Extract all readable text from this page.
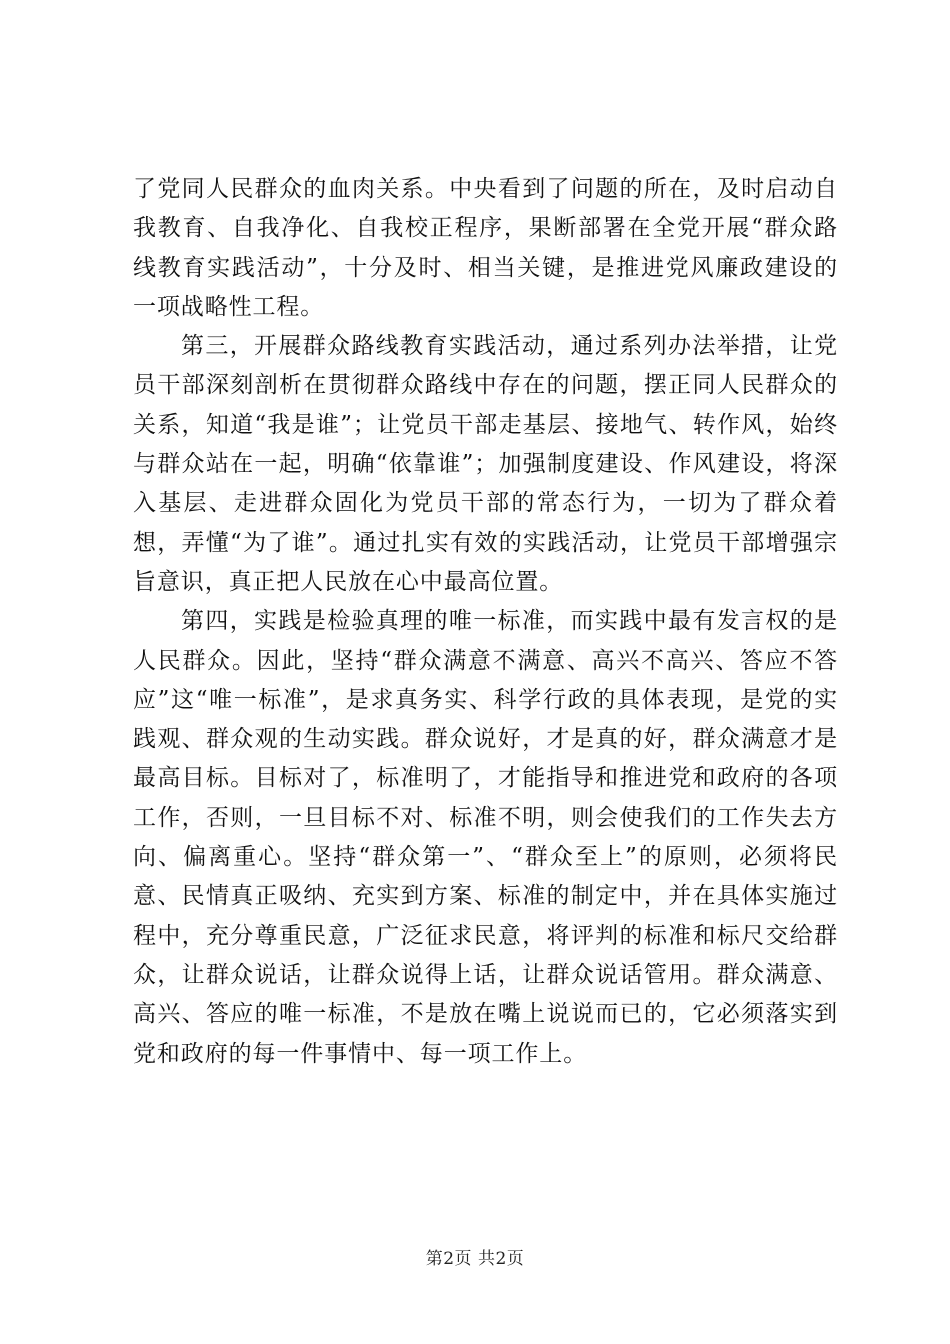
了党同人民群众的血肉关系。中央看到了问题的所在，及时启动自我教育、自我净化、自我校正程序，果断部署在全党开展“群众路线教育实践活动”，十分及时、相当关键，是推进党风廉政建设的一项战略性工程。

第三，开展群众路线教育实践活动，通过系列办法举措，让党员干部深刻剖析在贯彻群众路线中存在的问题，摆正同人民群众的关系，知道“我是谁”；让党员干部走基层、接地气、转作风，始终与群众站在一起，明确“依靠谁”；加强制度建设、作风建设，将深入基层、走进群众固化为党员干部的常态行为，一切为了群众着想，弄懂“为了谁”。通过扎实有效的实践活动，让党员干部增强宗旨意识，真正把人民放在心中最高位置。

第四，实践是检验真理的唯一标准，而实践中最有发言权的是人民群众。因此，坚持“群众满意不满意、高兴不高兴、答应不答应”这“唯一标准”，是求真务实、科学行政的具体表现，是党的实践观、群众观的生动实践。群众说好，才是真的好，群众满意才是最高目标。目标对了，标准明了，才能指导和推进党和政府的各项工作，否则，一旦目标不对、标准不明，则会使我们的工作失去方向、偏离重心。坚持“群众第一”、“群众至上”的原则，必须将民意、民情真正吸纳、充实到方案、标准的制定中，并在具体实施过程中，充分尊重民意，广泛征求民意，将评判的标准和标尺交给群众，让群众说话，让群众说得上话，让群众说话管用。群众满意、高兴、答应的唯一标准，不是放在嘴上说说而已的，它必须落实到党和政府的每一件事情中、每一项工作上。

第2页 共2页
